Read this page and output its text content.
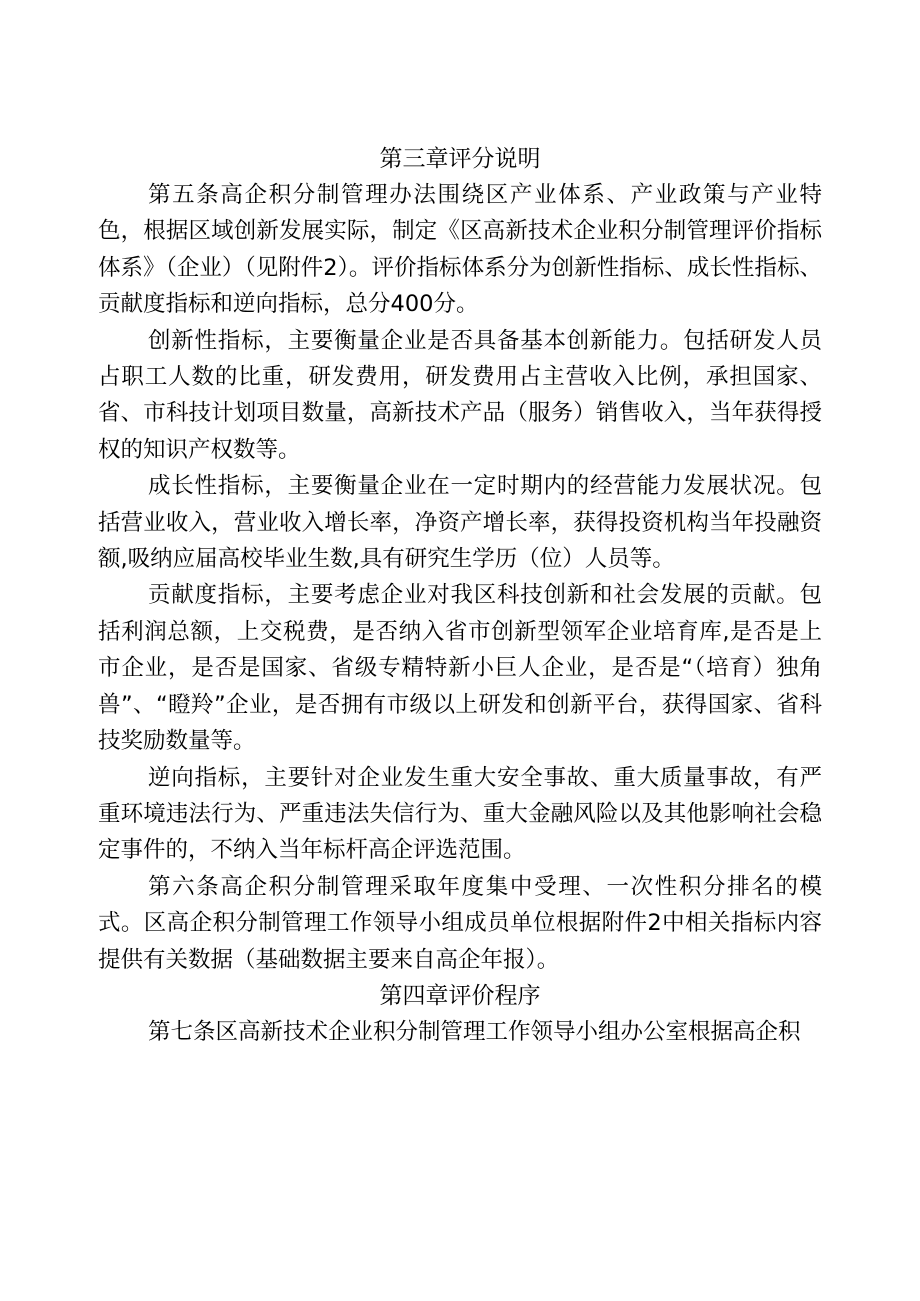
第三章评分说明

第五条高企积分制管理办法围绕区产业体系、产业政策与产业特色，根据区域创新发展实际，制定《区高新技术企业积分制管理评价指标体系》（企业）（见附件2）。评价指标体系分为创新性指标、成长性指标、贡献度指标和逆向指标，总分400分。

创新性指标，主要衡量企业是否具备基本创新能力。包括研发人员占职工人数的比重，研发费用，研发费用占主营收入比例，承担国家、省、市科技计划项目数量，高新技术产品（服务）销售收入，当年获得授权的知识产权数等。

成长性指标，主要衡量企业在一定时期内的经营能力发展状况。包括营业收入，营业收入增长率，净资产增长率，获得投资机构当年投融资额,吸纳应届高校毕业生数,具有研究生学历（位）人员等。

贡献度指标，主要考虑企业对我区科技创新和社会发展的贡献。包括利润总额，上交税费，是否纳入省市创新型领军企业培育库,是否是上市企业，是否是国家、省级专精特新小巨人企业，是否是“（培育）独角兽”、“瞪羚”企业，是否拥有市级以上研发和创新平台，获得国家、省科技奖励数量等。

逆向指标，主要针对企业发生重大安全事故、重大质量事故，有严重环境违法行为、严重违法失信行为、重大金融风险以及其他影响社会稳定事件的，不纳入当年标杆高企评选范围。

第六条高企积分制管理采取年度集中受理、一次性积分排名的模式。区高企积分制管理工作领导小组成员单位根据附件2中相关指标内容提供有关数据（基础数据主要来自高企年报）。

第四章评价程序

第七条区高新技术企业积分制管理工作领导小组办公室根据高企积
